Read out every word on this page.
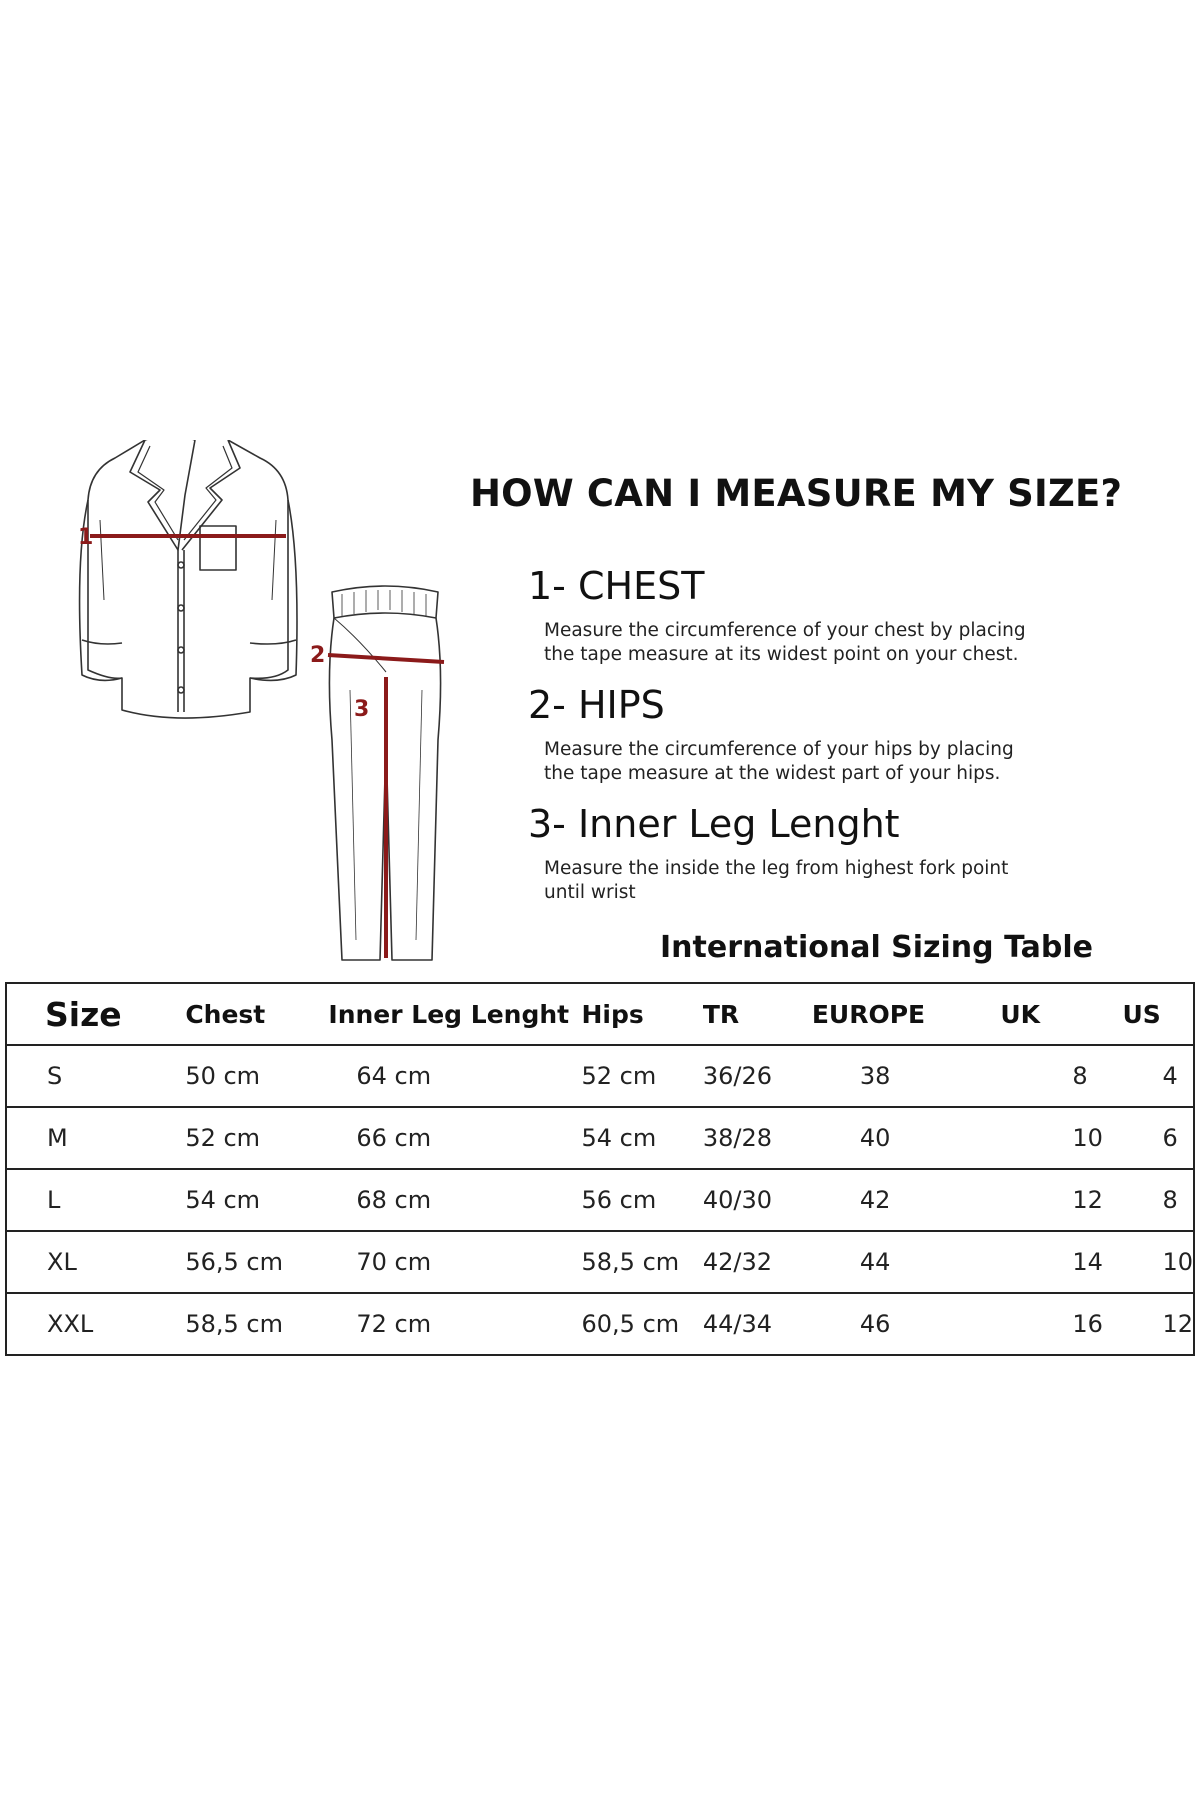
1
2
3
HOW CAN I MEASURE MY SIZE?
1- CHEST
Measure the circumference of your chest by placing
the tape measure at its widest point on your chest.
2- HIPS
Measure the circumference of your hips by placing
the tape measure at the widest part of your hips.
3- Inner Leg Lenght
Measure the inside the leg from highest fork point
until wrist
International Sizing Table
Size	Chest	Inner Leg Lenght	Hips	TR	EUROPE	UK	US
S	50 cm	64 cm	52 cm	36/26	38	8	4
M	52 cm	66 cm	54 cm	38/28	40	10	6
L	54 cm	68 cm	56 cm	40/30	42	12	8
XL	56,5 cm	70 cm	58,5 cm	42/32	44	14	10
XXL	58,5 cm	72 cm	60,5 cm	44/34	46	16	12
